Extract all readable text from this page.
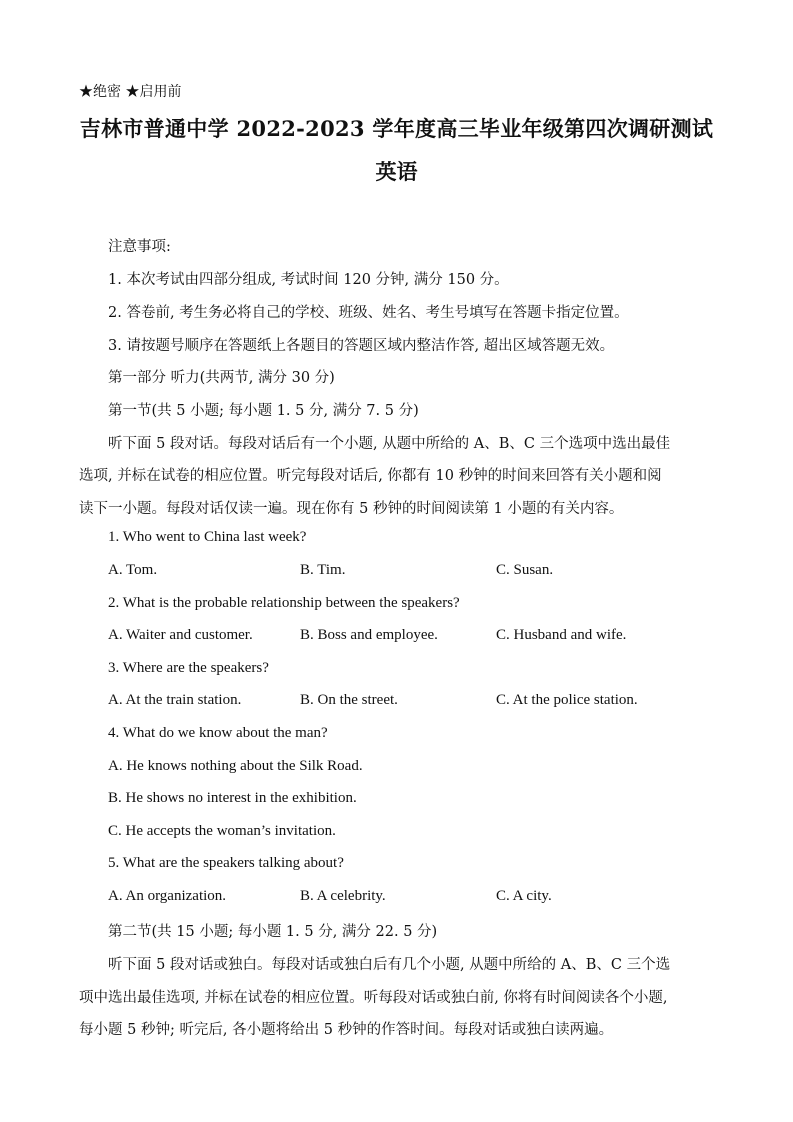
★绝密 ★启用前
吉林市普通中学 2022-2023 学年度高三毕业年级第四次调研测试
英语
注意事项:
1. 本次考试由四部分组成, 考试时间 120 分钟, 满分 150 分。
2. 答卷前, 考生务必将自己的学校、班级、姓名、考生号填写在答题卡指定位置。
3. 请按题号顺序在答题纸上各题目的答题区域内整洁作答, 超出区域答题无效。
第一部分 听力(共两节, 满分 30 分)
第一节(共 5 小题; 每小题 1. 5 分, 满分 7. 5 分)
听下面 5 段对话。每段对话后有一个小题, 从题中所给的 A、B、C 三个选项中选出最佳
选项, 并标在试卷的相应位置。听完每段对话后, 你都有 10 秒钟的时间来回答有关小题和阅
读下一小题。每段对话仅读一遍。现在你有 5 秒钟的时间阅读第 1 小题的有关内容。
1. Who went to China last week?
A. Tom.	B. Tim.	C. Susan.
2. What is the probable relationship between the speakers?
A. Waiter and customer.	B. Boss and employee.	C. Husband and wife.
3. Where are the speakers?
A. At the train station.	B. On the street.	C. At the police station.
4. What do we know about the man?
A. He knows nothing about the Silk Road.
B. He shows no interest in the exhibition.
C. He accepts the woman’s invitation.
5. What are the speakers talking about?
A. An organization.	B. A celebrity.	C. A city.
第二节(共 15 小题; 每小题 1. 5 分, 满分 22. 5 分)
听下面 5 段对话或独白。每段对话或独白后有几个小题, 从题中所给的 A、B、C 三个选
项中选出最佳选项, 并标在试卷的相应位置。听每段对话或独白前, 你将有时间阅读各个小题,
每小题 5 秒钟; 听完后, 各小题将给出 5 秒钟的作答时间。每段对话或独白读两遍。
